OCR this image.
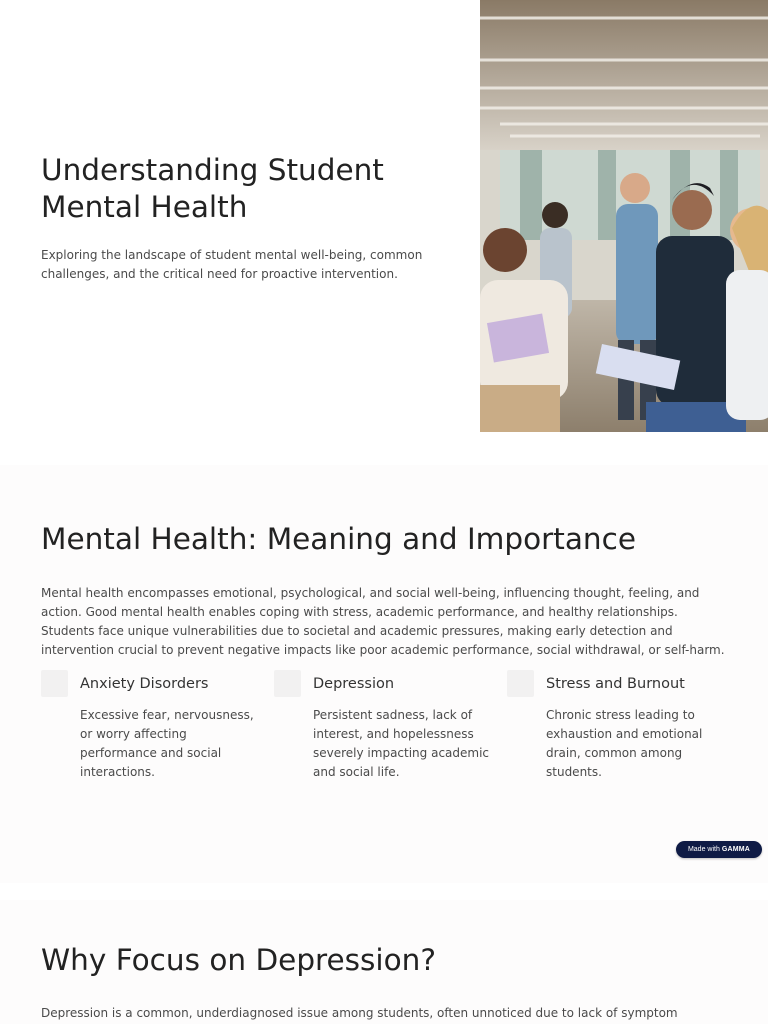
Understanding Student Mental Health

Exploring the landscape of student mental well-being, common challenges, and the critical need for proactive intervention.

Mental Health: Meaning and Importance

Mental health encompasses emotional, psychological, and social well-being, influencing thought, feeling, and action. Good mental health enables coping with stress, academic performance, and healthy relationships. Students face unique vulnerabilities due to societal and academic pressures, making early detection and intervention crucial to prevent negative impacts like poor academic performance, social withdrawal, or self-harm.

Anxiety Disorders

Excessive fear, nervousness, or worry affecting performance and social interactions.

Depression

Persistent sadness, lack of interest, and hopelessness severely impacting academic and social life.

Stress and Burnout

Chronic stress leading to exhaustion and emotional drain, common among students.

Made with GAMMA
Why Focus on Depression?

Depression is a common, underdiagnosed issue among students, often unnoticed due to lack of symptom
